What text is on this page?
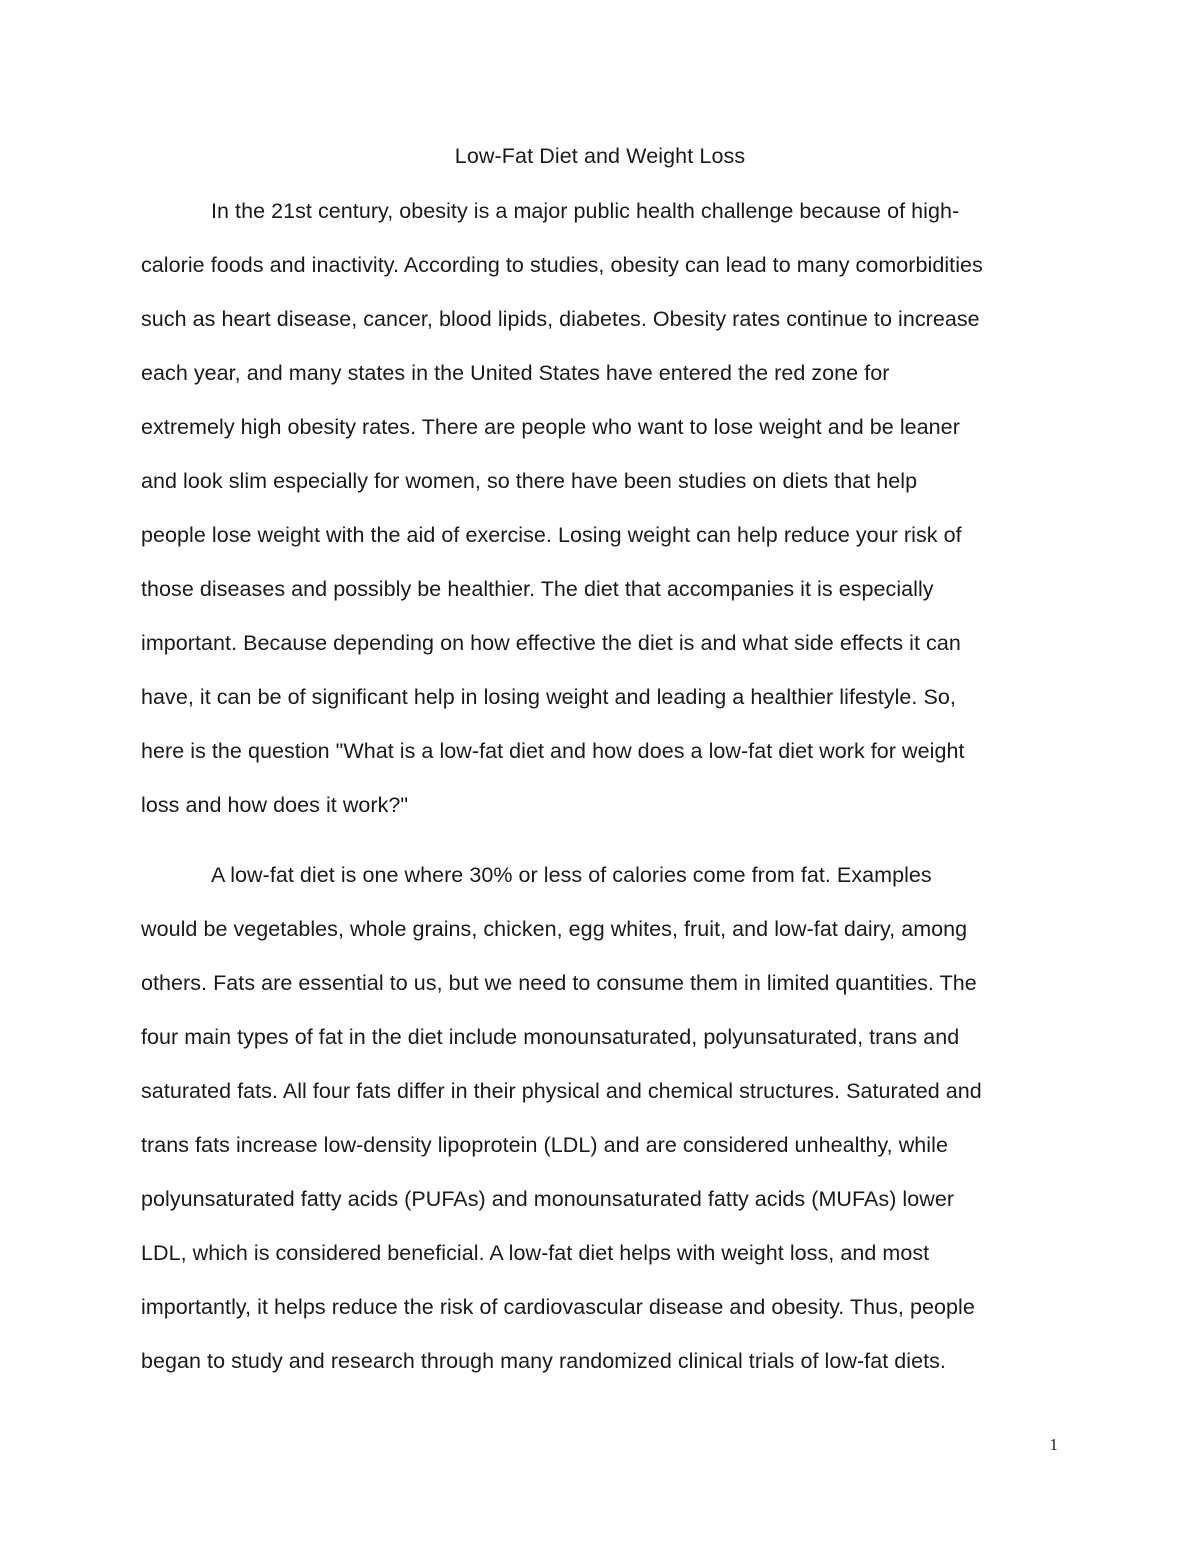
Low-Fat Diet and Weight Loss
In the 21st century, obesity is a major public health challenge because of high-
calorie foods and inactivity. According to studies, obesity can lead to many comorbidities
such as heart disease, cancer, blood lipids, diabetes. Obesity rates continue to increase
each year, and many states in the United States have entered the red zone for
extremely high obesity rates. There are people who want to lose weight and be leaner
and look slim especially for women, so there have been studies on diets that help
people lose weight with the aid of exercise. Losing weight can help reduce your risk of
those diseases and possibly be healthier. The diet that accompanies it is especially
important. Because depending on how effective the diet is and what side effects it can
have, it can be of significant help in losing weight and leading a healthier lifestyle. So,
here is the question "What is a low-fat diet and how does a low-fat diet work for weight
loss and how does it work?"
A low-fat diet is one where 30% or less of calories come from fat. Examples
would be vegetables, whole grains, chicken, egg whites, fruit, and low-fat dairy, among
others. Fats are essential to us, but we need to consume them in limited quantities. The
four main types of fat in the diet include monounsaturated, polyunsaturated, trans and
saturated fats. All four fats differ in their physical and chemical structures. Saturated and
trans fats increase low-density lipoprotein (LDL) and are considered unhealthy, while
polyunsaturated fatty acids (PUFAs) and monounsaturated fatty acids (MUFAs) lower
LDL, which is considered beneficial. A low-fat diet helps with weight loss, and most
importantly, it helps reduce the risk of cardiovascular disease and obesity. Thus, people
began to study and research through many randomized clinical trials of low-fat diets.
1
